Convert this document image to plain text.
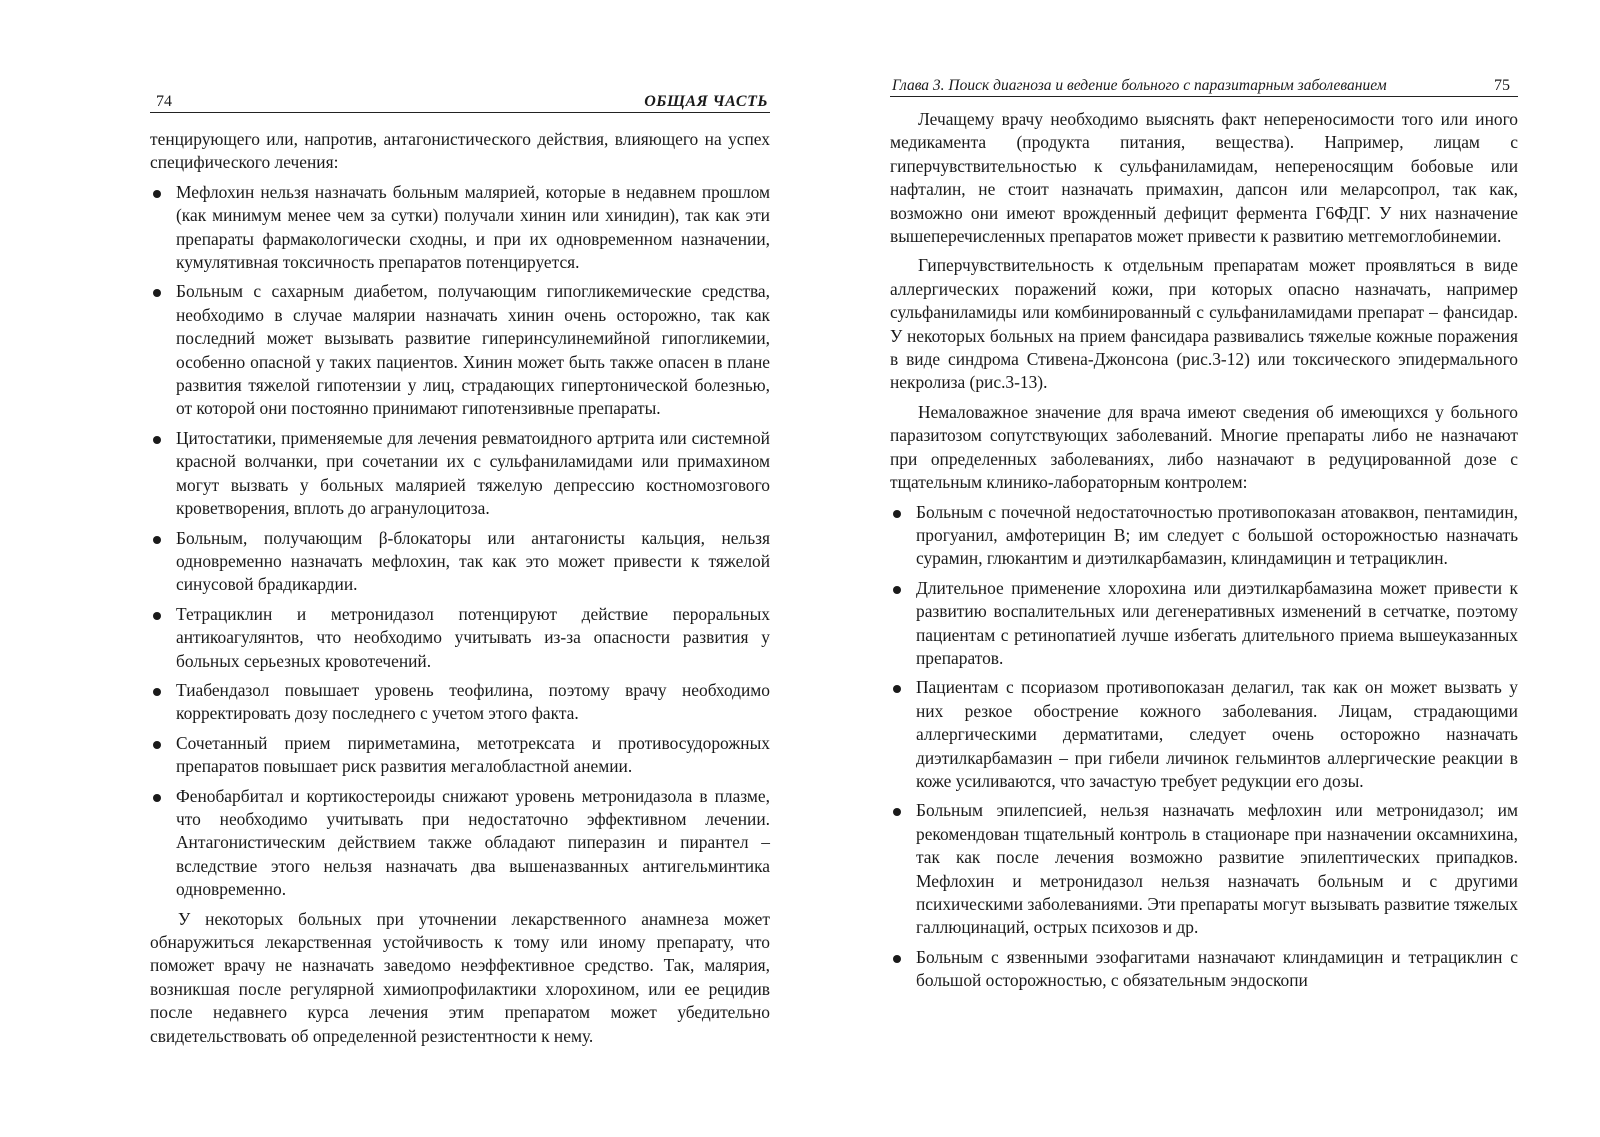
74	ОБЩАЯ ЧАСТЬ

тенцирующего или, напротив, антагонистического действия, влияющего на успех специфического лечения:

Мефлохин нельзя назначать больным малярией, которые в недавнем прошлом (как минимум менее чем за сутки) получали хинин или хинидин), так как эти препараты фармакологически сходны, и при их одновременном назначении, кумулятивная токсичность препаратов потенцируется.
Больным с сахарным диабетом, получающим гипогликемические средства, необходимо в случае малярии назначать хинин очень осторожно, так как последний может вызывать развитие гиперинсулинемийной гипогликемии, особенно опасной у таких пациентов. Хинин может быть также опасен в плане развития тяжелой гипотензии у лиц, страдающих гипертонической болезнью, от которой они постоянно принимают гипотензивные препараты.
Цитостатики, применяемые для лечения ревматоидного артрита или системной красной волчанки, при сочетании их с сульфаниламидами или примахином могут вызвать у больных малярией тяжелую депрессию костномозгового кроветворения, вплоть до агранулоцитоза.
Больным, получающим β-блокаторы или антагонисты кальция, нельзя одновременно назначать мефлохин, так как это может привести к тяжелой синусовой брадикардии.
Тетрациклин и метронидазол потенцируют действие пероральных антикоагулянтов, что необходимо учитывать из-за опасности развития у больных серьезных кровотечений.
Тиабендазол повышает уровень теофилина, поэтому врачу необходимо корректировать дозу последнего с учетом этого факта.
Сочетанный прием пириметамина, метотрексата и противосудорожных препаратов повышает риск развития мегалобластной анемии.
Фенобарбитал и кортикостероиды снижают уровень метронидазола в плазме, что необходимо учитывать при недостаточно эффективном лечении. Антагонистическим действием также обладают пиперазин и пирантел – вследствие этого нельзя назначать два вышеназванных антигельминтика одновременно.

У некоторых больных при уточнении лекарственного анамнеза может обнаружиться лекарственная устойчивость к тому или иному препарату, что поможет врачу не назначать заведомо неэффективное средство. Так, малярия, возникшая после регулярной химиопрофилактики хлорохином, или ее рецидив после недавнего курса лечения этим препаратом может убедительно свидетельствовать об определенной резистентности к нему.

Глава 3. Поиск диагноза и ведение больного с паразитарным заболеванием	75

Лечащему врачу необходимо выяснять факт непереносимости того или иного медикамента (продукта питания, вещества). Например, лицам с гиперчувствительностью к сульфаниламидам, непереносящим бобовые или нафталин, не стоит назначать примахин, дапсон или меларсопрол, так как, возможно они имеют врожденный дефицит фермента Г6ФДГ. У них назначение вышеперечисленных препаратов может привести к развитию метгемоглобинемии.

Гиперчувствительность к отдельным препаратам может проявляться в виде аллергических поражений кожи, при которых опасно назначать, например сульфаниламиды или комбинированный с сульфаниламидами препарат – фансидар. У некоторых больных на прием фансидара развивались тяжелые кожные поражения в виде синдрома Стивена-Джонсона (рис.3-12) или токсического эпидермального некролиза (рис.3-13).

Немаловажное значение для врача имеют сведения об имеющихся у больного паразитозом сопутствующих заболеваний. Многие препараты либо не назначают при определенных заболеваниях, либо назначают в редуцированной дозе с тщательным клинико-лабораторным контролем:

Больным с почечной недостаточностью противопоказан атоваквон, пентамидин, прогуанил, амфотерицин В; им следует с большой осторожностью назначать сурамин, глюкантим и диэтилкарбамазин, клиндамицин и тетрациклин.
Длительное применение хлорохина или диэтилкарбамазина может привести к развитию воспалительных или дегенеративных изменений в сетчатке, поэтому пациентам с ретинопатией лучше избегать длительного приема вышеуказанных препаратов.
Пациентам с псориазом противопоказан делагил, так как он может вызвать у них резкое обострение кожного заболевания. Лицам, страдающими аллергическими дерматитами, следует очень осторожно назначать диэтилкарбамазин – при гибели личинок гельминтов аллергические реакции в коже усиливаются, что зачастую требует редукции его дозы.
Больным эпилепсией, нельзя назначать мефлохин или метронидазол; им рекомендован тщательный контроль в стационаре при назначении оксамнихина, так как после лечения возможно развитие эпилептических припадков. Мефлохин и метронидазол нельзя назначать больным и с другими психическими заболеваниями. Эти препараты могут вызывать развитие тяжелых галлюцинаций, острых психозов и др.
Больным с язвенными эзофагитами назначают клиндамицин и тетрациклин с большой осторожностью, с обязательным эндоскопи
